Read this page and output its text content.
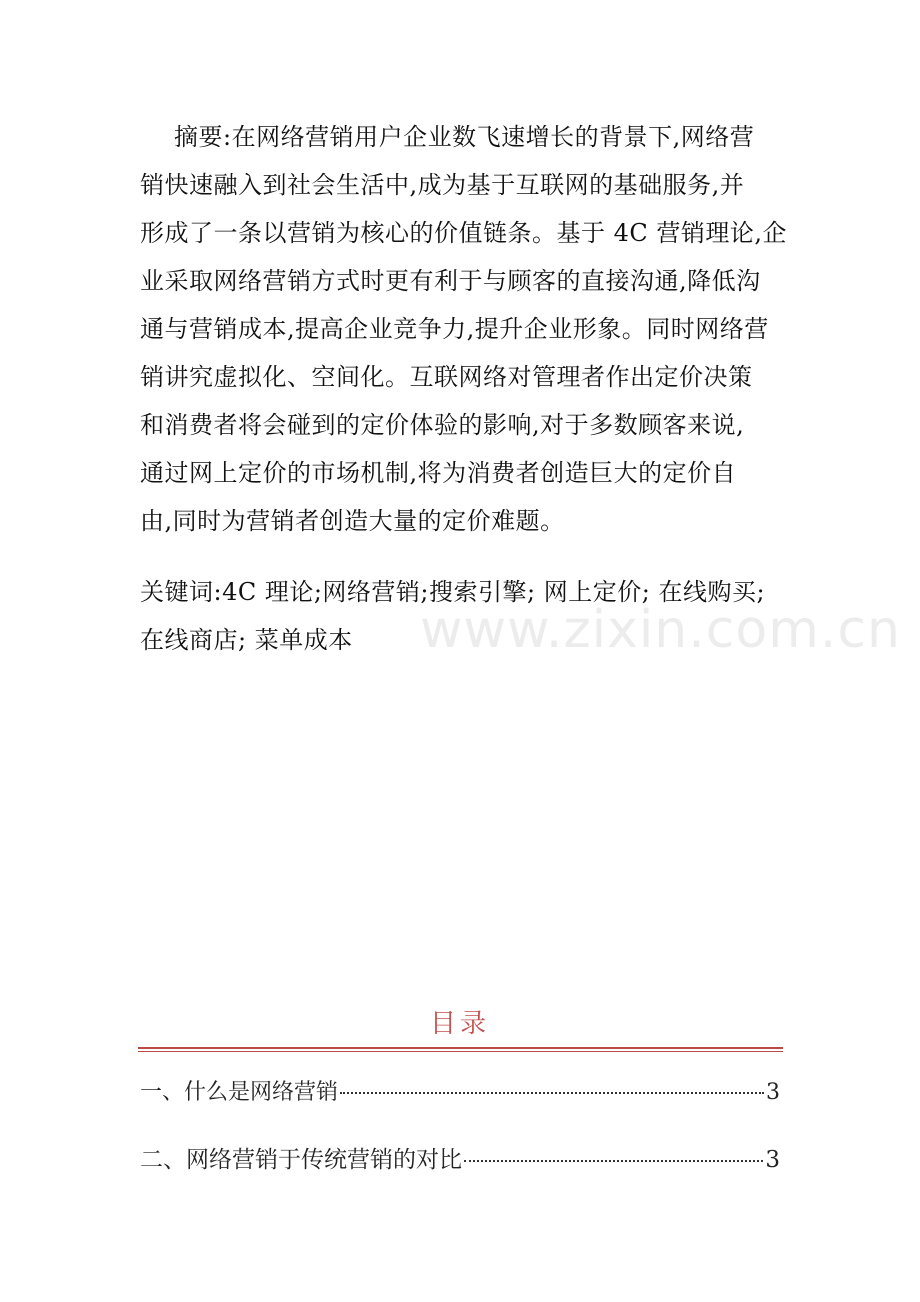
www.zixin.com.cn
摘要:在网络营销用户企业数飞速增长的背景下,网络营
销快速融入到社会生活中,成为基于互联网的基础服务,并
形成了一条以营销为核心的价值链条。基于 4C 营销理论,企
业采取网络营销方式时更有利于与顾客的直接沟通,降低沟
通与营销成本,提高企业竞争力,提升企业形象。同时网络营
销讲究虚拟化、空间化。互联网络对管理者作出定价决策
和消费者将会碰到的定价体验的影响,对于多数顾客来说,
通过网上定价的市场机制,将为消费者创造巨大的定价自
由,同时为营销者创造大量的定价难题。
关键词:4C 理论;网络营销;搜索引擎; 网上定价; 在线购买;
在线商店; 菜单成本
目录
一、什么是网络营销	3
二、网络营销于传统营销的对比	3
